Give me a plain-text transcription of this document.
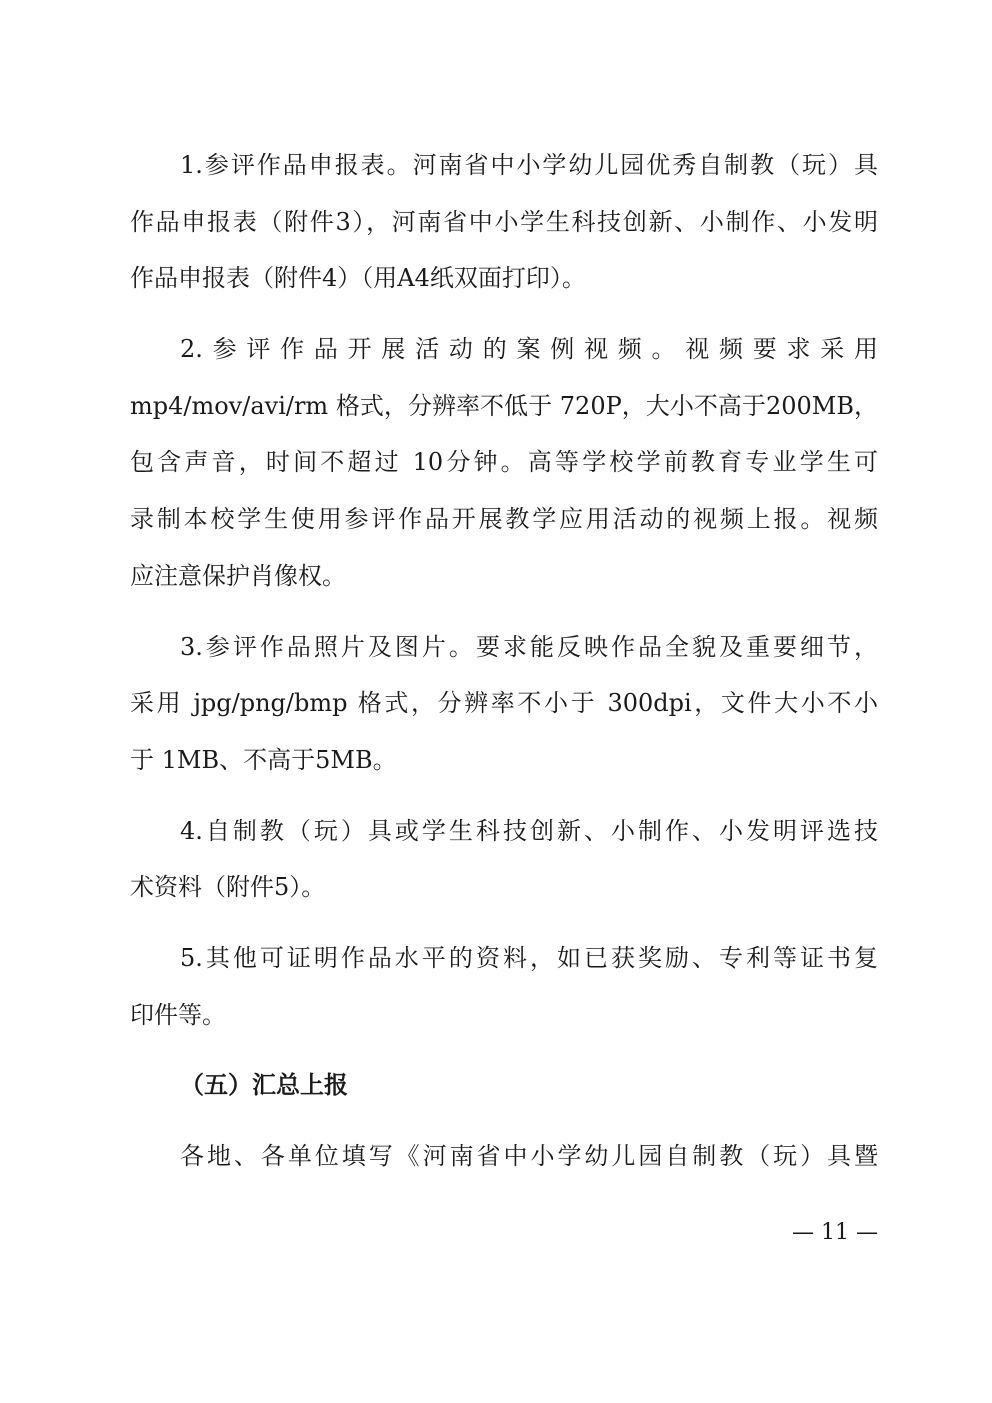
1.参评作品申报表。河南省中小学幼儿园优秀自制教（玩）具
作品申报表（附件3），河南省中小学生科技创新、小制作、小发明
作品申报表（附件4）（用A4纸双面打印）。
2.参评作品开展活动的案例视频。视频要求采用
mp4/mov/avi/rm 格式，分辨率不低于 720P，大小不高于200MB，
包含声音，时间不超过 10分钟。高等学校学前教育专业学生可
录制本校学生使用参评作品开展教学应用活动的视频上报。视频
应注意保护肖像权。
3.参评作品照片及图片。要求能反映作品全貌及重要细节，
采用 jpg/png/bmp 格式，分辨率不小于 300dpi，文件大小不小
于 1MB、不高于5MB。
4.自制教（玩）具或学生科技创新、小制作、小发明评选技
术资料（附件5）。
5.其他可证明作品水平的资料，如已获奖励、专利等证书复
印件等。
（五）汇总上报
各地、各单位填写《河南省中小学幼儿园自制教（玩）具暨
— 11 —
